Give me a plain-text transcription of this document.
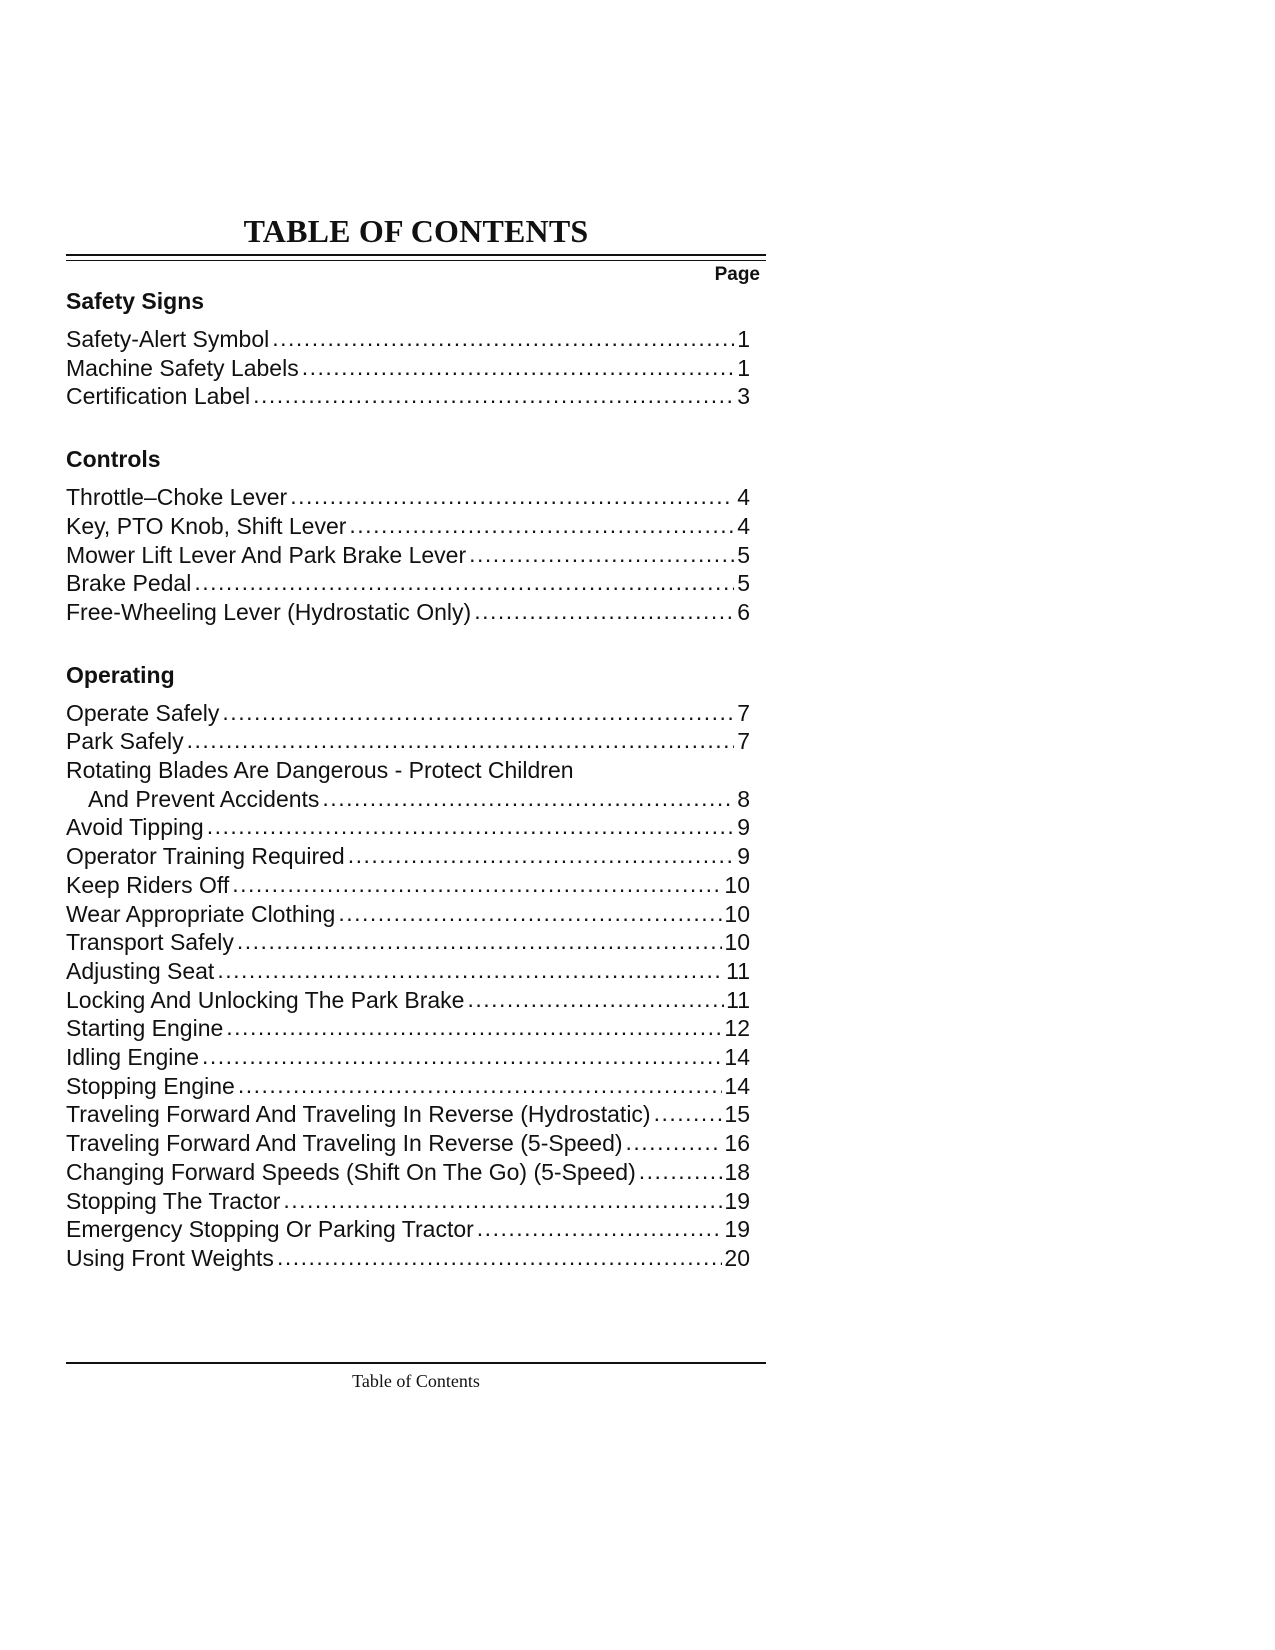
TABLE OF CONTENTS
Page
Safety Signs
Safety-Alert Symbol .....	1
Machine Safety Labels .....	1
Certification Label .....	3
Controls
Throttle–Choke Lever .....	4
Key, PTO Knob, Shift Lever .....	4
Mower Lift Lever And Park Brake Lever .....	5
Brake Pedal .....	5
Free-Wheeling Lever (Hydrostatic Only) .....	6
Operating
Operate Safely .....	7
Park Safely .....	7
Rotating Blades Are Dangerous - Protect Children
And Prevent Accidents .....	8
Avoid Tipping .....	9
Operator Training Required .....	9
Keep Riders Off .....	10
Wear Appropriate Clothing .....	10
Transport Safely .....	10
Adjusting Seat .....	11
Locking And Unlocking The Park Brake .....	11
Starting Engine .....	12
Idling Engine .....	14
Stopping Engine .....	14
Traveling Forward And Traveling In Reverse (Hydrostatic) .....	15
Traveling Forward And Traveling In Reverse (5-Speed) .....	16
Changing Forward Speeds (Shift On The Go) (5-Speed) .....	18
Stopping The Tractor .....	19
Emergency Stopping Or Parking Tractor .....	19
Using Front Weights .....	20
Table of Contents
